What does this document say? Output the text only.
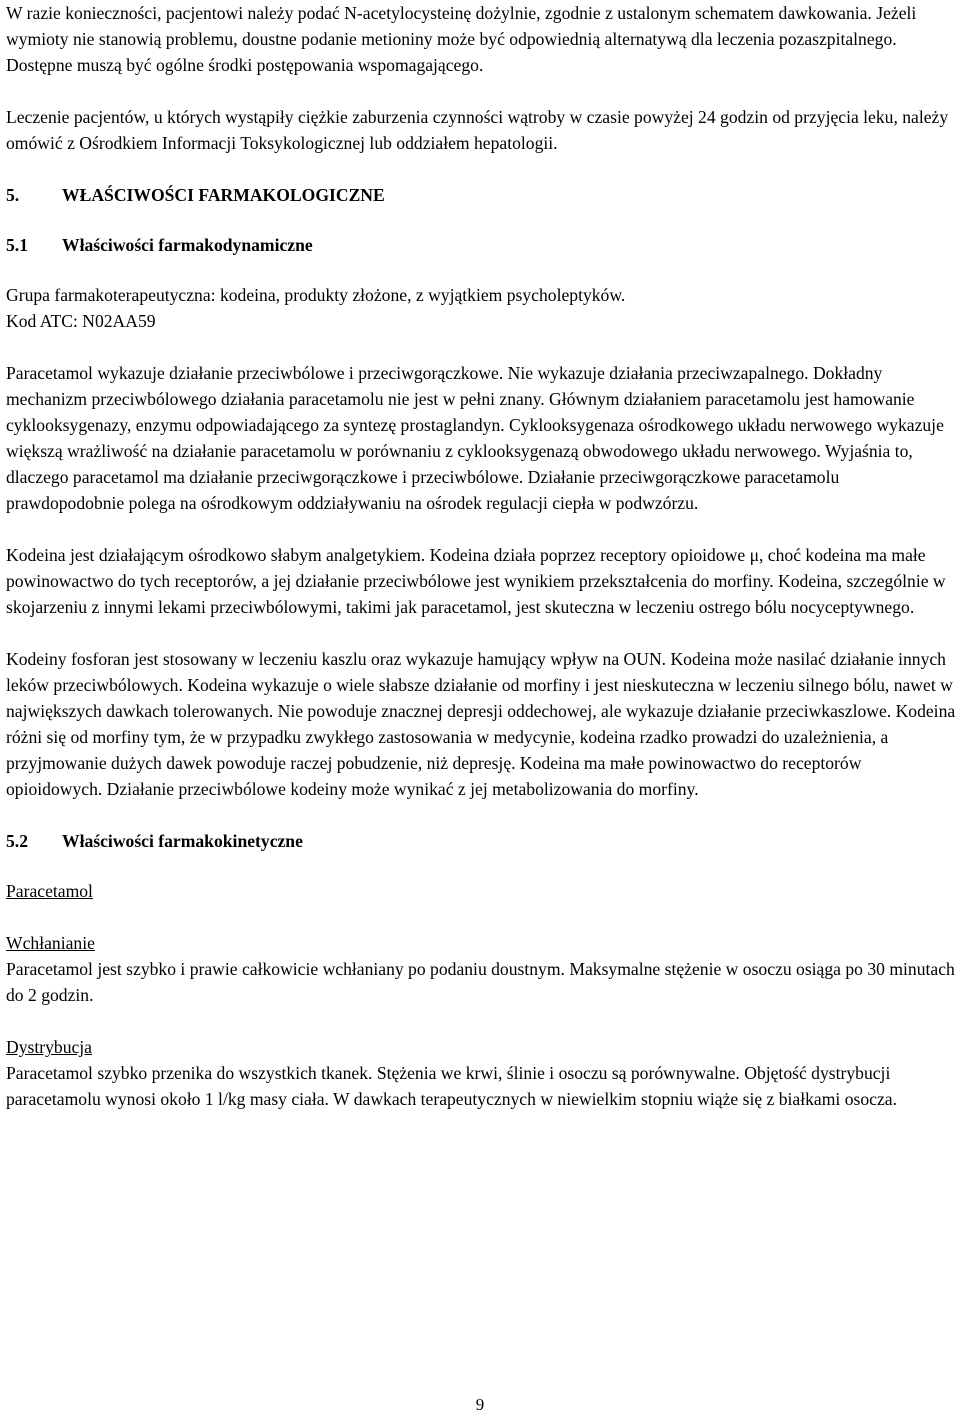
W razie konieczności, pacjentowi należy podać N-acetylocysteinę dożylnie, zgodnie z ustalonym schematem dawkowania. Jeżeli wymioty nie stanowią problemu, doustne podanie metioniny może być odpowiednią alternatywą dla leczenia pozaszpitalnego. Dostępne muszą być ogólne środki postępowania wspomagającego.

Leczenie pacjentów, u których wystąpiły ciężkie zaburzenia czynności wątroby w czasie powyżej 24 godzin od przyjęcia leku, należy omówić z Ośrodkiem Informacji Toksykologicznej lub oddziałem hepatologii.

5. WŁAŚCIWOŚCI FARMAKOLOGICZNE

5.1 Właściwości farmakodynamiczne

Grupa farmakoterapeutyczna: kodeina, produkty złożone, z wyjątkiem psycholeptyków.

Kod ATC: N02AA59

Paracetamol wykazuje działanie przeciwbólowe i przeciwgorączkowe. Nie wykazuje działania przeciwzapalnego. Dokładny mechanizm przeciwbólowego działania paracetamolu nie jest w pełni znany. Głównym działaniem paracetamolu jest hamowanie cyklooksygenazy, enzymu odpowiadającego za syntezę prostaglandyn. Cyklooksygenaza ośrodkowego układu nerwowego wykazuje większą wrażliwość na działanie paracetamolu w porównaniu z cyklooksygenazą obwodowego układu nerwowego. Wyjaśnia to, dlaczego paracetamol ma działanie przeciwgorączkowe i przeciwbólowe. Działanie przeciwgorączkowe paracetamolu prawdopodobnie polega na ośrodkowym oddziaływaniu na ośrodek regulacji ciepła w podwzórzu.

Kodeina jest działającym ośrodkowo słabym analgetykiem. Kodeina działa poprzez receptory opioidowe μ, choć kodeina ma małe powinowactwo do tych receptorów, a jej działanie przeciwbólowe jest wynikiem przekształcenia do morfiny. Kodeina, szczególnie w skojarzeniu z innymi lekami przeciwbólowymi, takimi jak paracetamol, jest skuteczna w leczeniu ostrego bólu nocyceptywnego.

Kodeiny fosforan jest stosowany w leczeniu kaszlu oraz wykazuje hamujący wpływ na OUN. Kodeina może nasilać działanie innych leków przeciwbólowych. Kodeina wykazuje o wiele słabsze działanie od morfiny i jest nieskuteczna w leczeniu silnego bólu, nawet w największych dawkach tolerowanych. Nie powoduje znacznej depresji oddechowej, ale wykazuje działanie przeciwkaszlowe. Kodeina różni się od morfiny tym, że w przypadku zwykłego zastosowania w medycynie, kodeina rzadko prowadzi do uzależnienia, a przyjmowanie dużych dawek powoduje raczej pobudzenie, niż depresję. Kodeina ma małe powinowactwo do receptorów opioidowych. Działanie przeciwbólowe kodeiny może wynikać z jej metabolizowania do morfiny.

5.2 Właściwości farmakokinetyczne

Paracetamol

Wchłanianie

Paracetamol jest szybko i prawie całkowicie wchłaniany po podaniu doustnym. Maksymalne stężenie w osoczu osiąga po 30 minutach do 2 godzin.

Dystrybucja

Paracetamol szybko przenika do wszystkich tkanek. Stężenia we krwi, ślinie i osoczu są porównywalne. Objętość dystrybucji paracetamolu wynosi około 1 l/kg masy ciała. W dawkach terapeutycznych w niewielkim stopniu wiąże się z białkami osocza.

9
